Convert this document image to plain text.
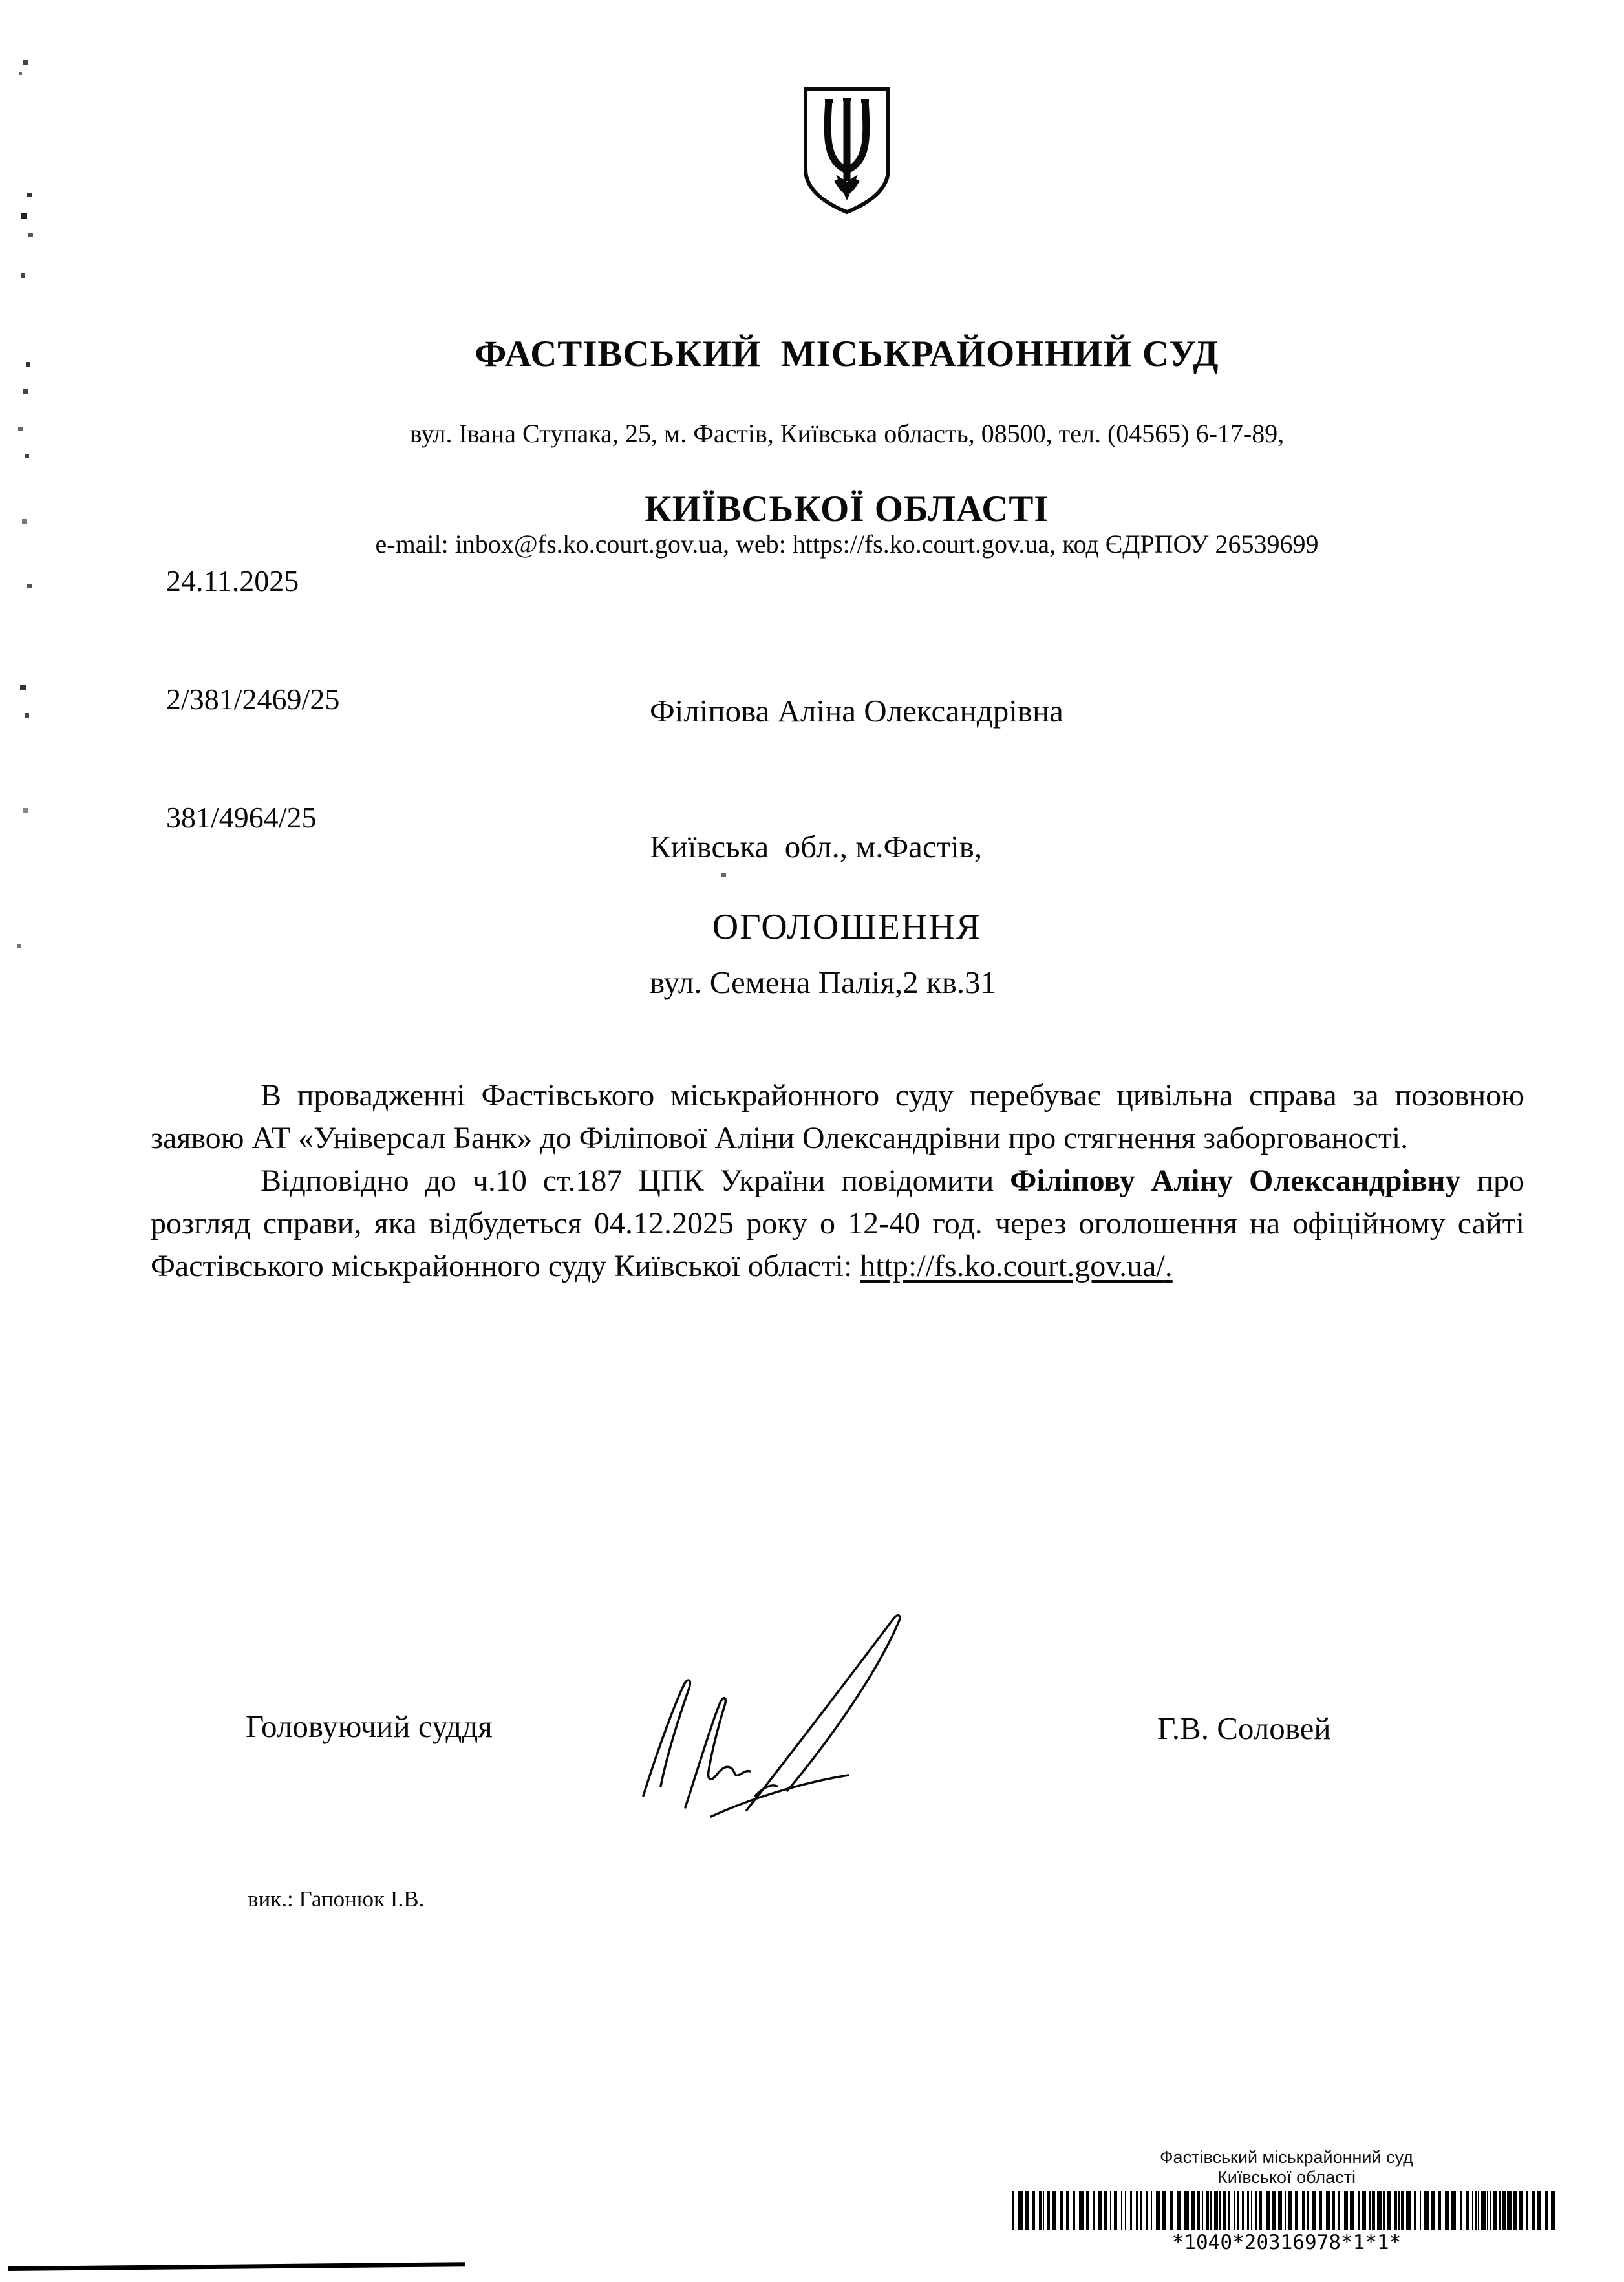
ФАСТІВСЬКИЙ  МІСЬКРАЙОННИЙ СУД

КИЇВСЬКОЇ ОБЛАСТІ

вул. Івана Ступака, 25, м. Фастів, Київська область, 08500, тел. (04565) 6-17-89,

e-mail: inbox@fs.ko.court.gov.ua, web: https://fs.ko.court.gov.ua, код ЄДРПОУ 26539699

24.11.2025

2/381/2469/25

381/4964/25

Філіпова Аліна Олександрівна

Київська  обл., м.Фастів,

вул. Семена Палія,2 кв.31

ОГОЛОШЕННЯ

В провадженні Фастівського міськрайонного суду перебуває цивільна справа за позовною заявою АТ «Універсал Банк» до Філіпової Аліни Олександрівни про стягнення заборгованості.

Відповідно до ч.10 ст.187 ЦПК України повідомити Філіпову Аліну Олександрівну про розгляд справи, яка відбудеться 04.12.2025 року о 12-40 год. через оголошення на офіційному сайті Фастівського міськрайонного суду Київської області: http://fs.ko.court.gov.ua/.

Головуючий суддя	Г.В. Соловей
вик.: Гапонюк І.В.
Фастівський міськрайонний суд
Київської області
*1040*20316978*1*1*
